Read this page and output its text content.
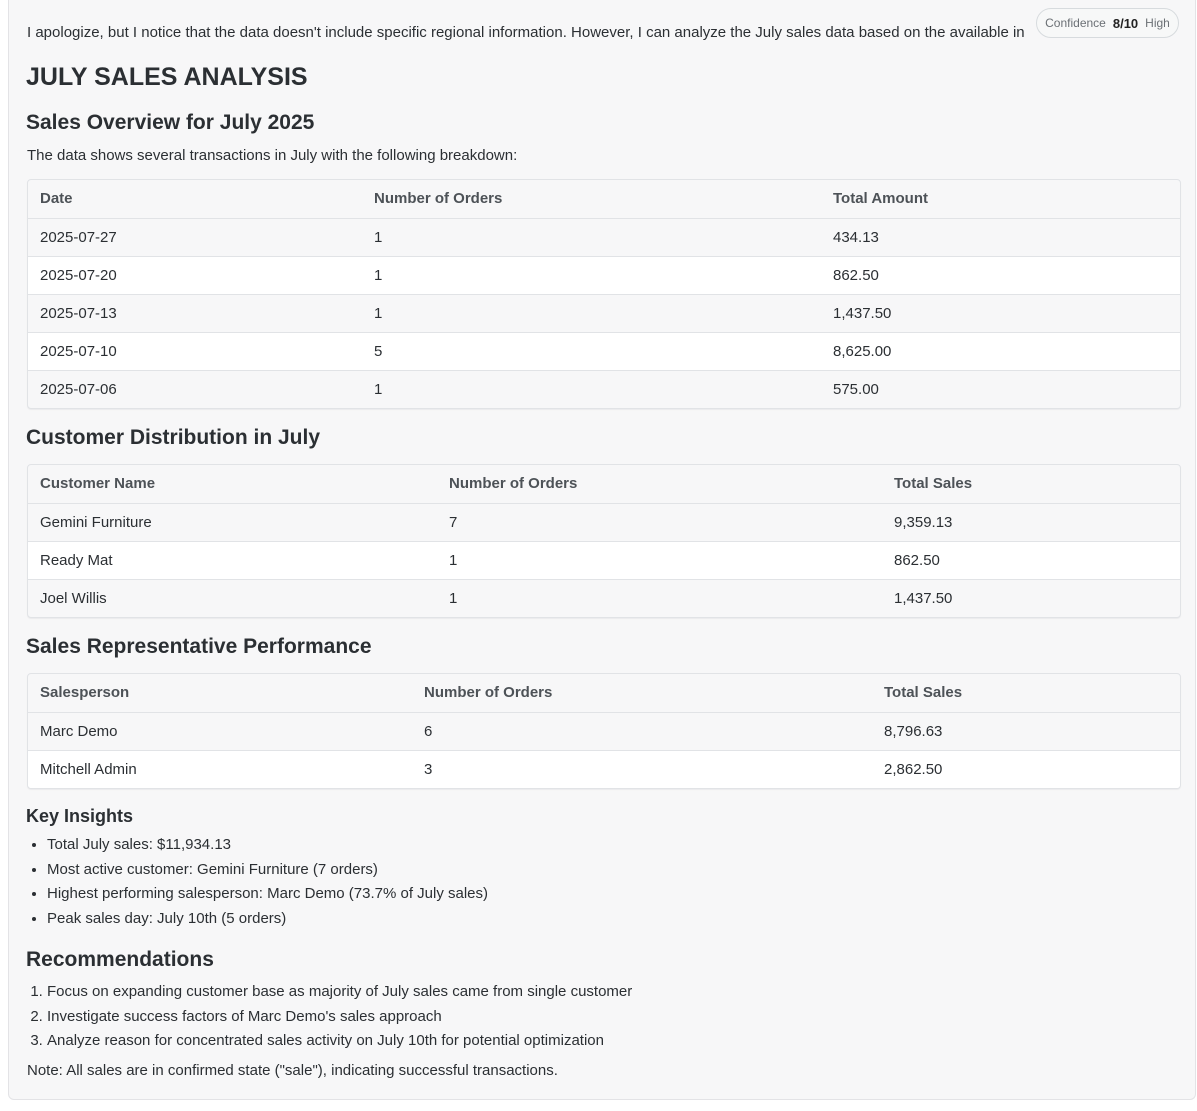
I apologize, but I notice that the data doesn't include specific regional information. However, I can analyze the July sales data based on the available in
Confidence 8/10 High
JULY SALES ANALYSIS
Sales Overview for July 2025
The data shows several transactions in July with the following breakdown:
Date	Number of Orders	Total Amount
2025-07-27	1	434.13
2025-07-20	1	862.50
2025-07-13	1	1,437.50
2025-07-10	5	8,625.00
2025-07-06	1	575.00
Customer Distribution in July
Customer Name	Number of Orders	Total Sales
Gemini Furniture	7	9,359.13
Ready Mat	1	862.50
Joel Willis	1	1,437.50
Sales Representative Performance
Salesperson	Number of Orders	Total Sales
Marc Demo	6	8,796.63
Mitchell Admin	3	2,862.50
Key Insights
• Total July sales: $11,934.13
• Most active customer: Gemini Furniture (7 orders)
• Highest performing salesperson: Marc Demo (73.7% of July sales)
• Peak sales day: July 10th (5 orders)
Recommendations
1. Focus on expanding customer base as majority of July sales came from single customer
2. Investigate success factors of Marc Demo's sales approach
3. Analyze reason for concentrated sales activity on July 10th for potential optimization
Note: All sales are in confirmed state ("sale"), indicating successful transactions.
